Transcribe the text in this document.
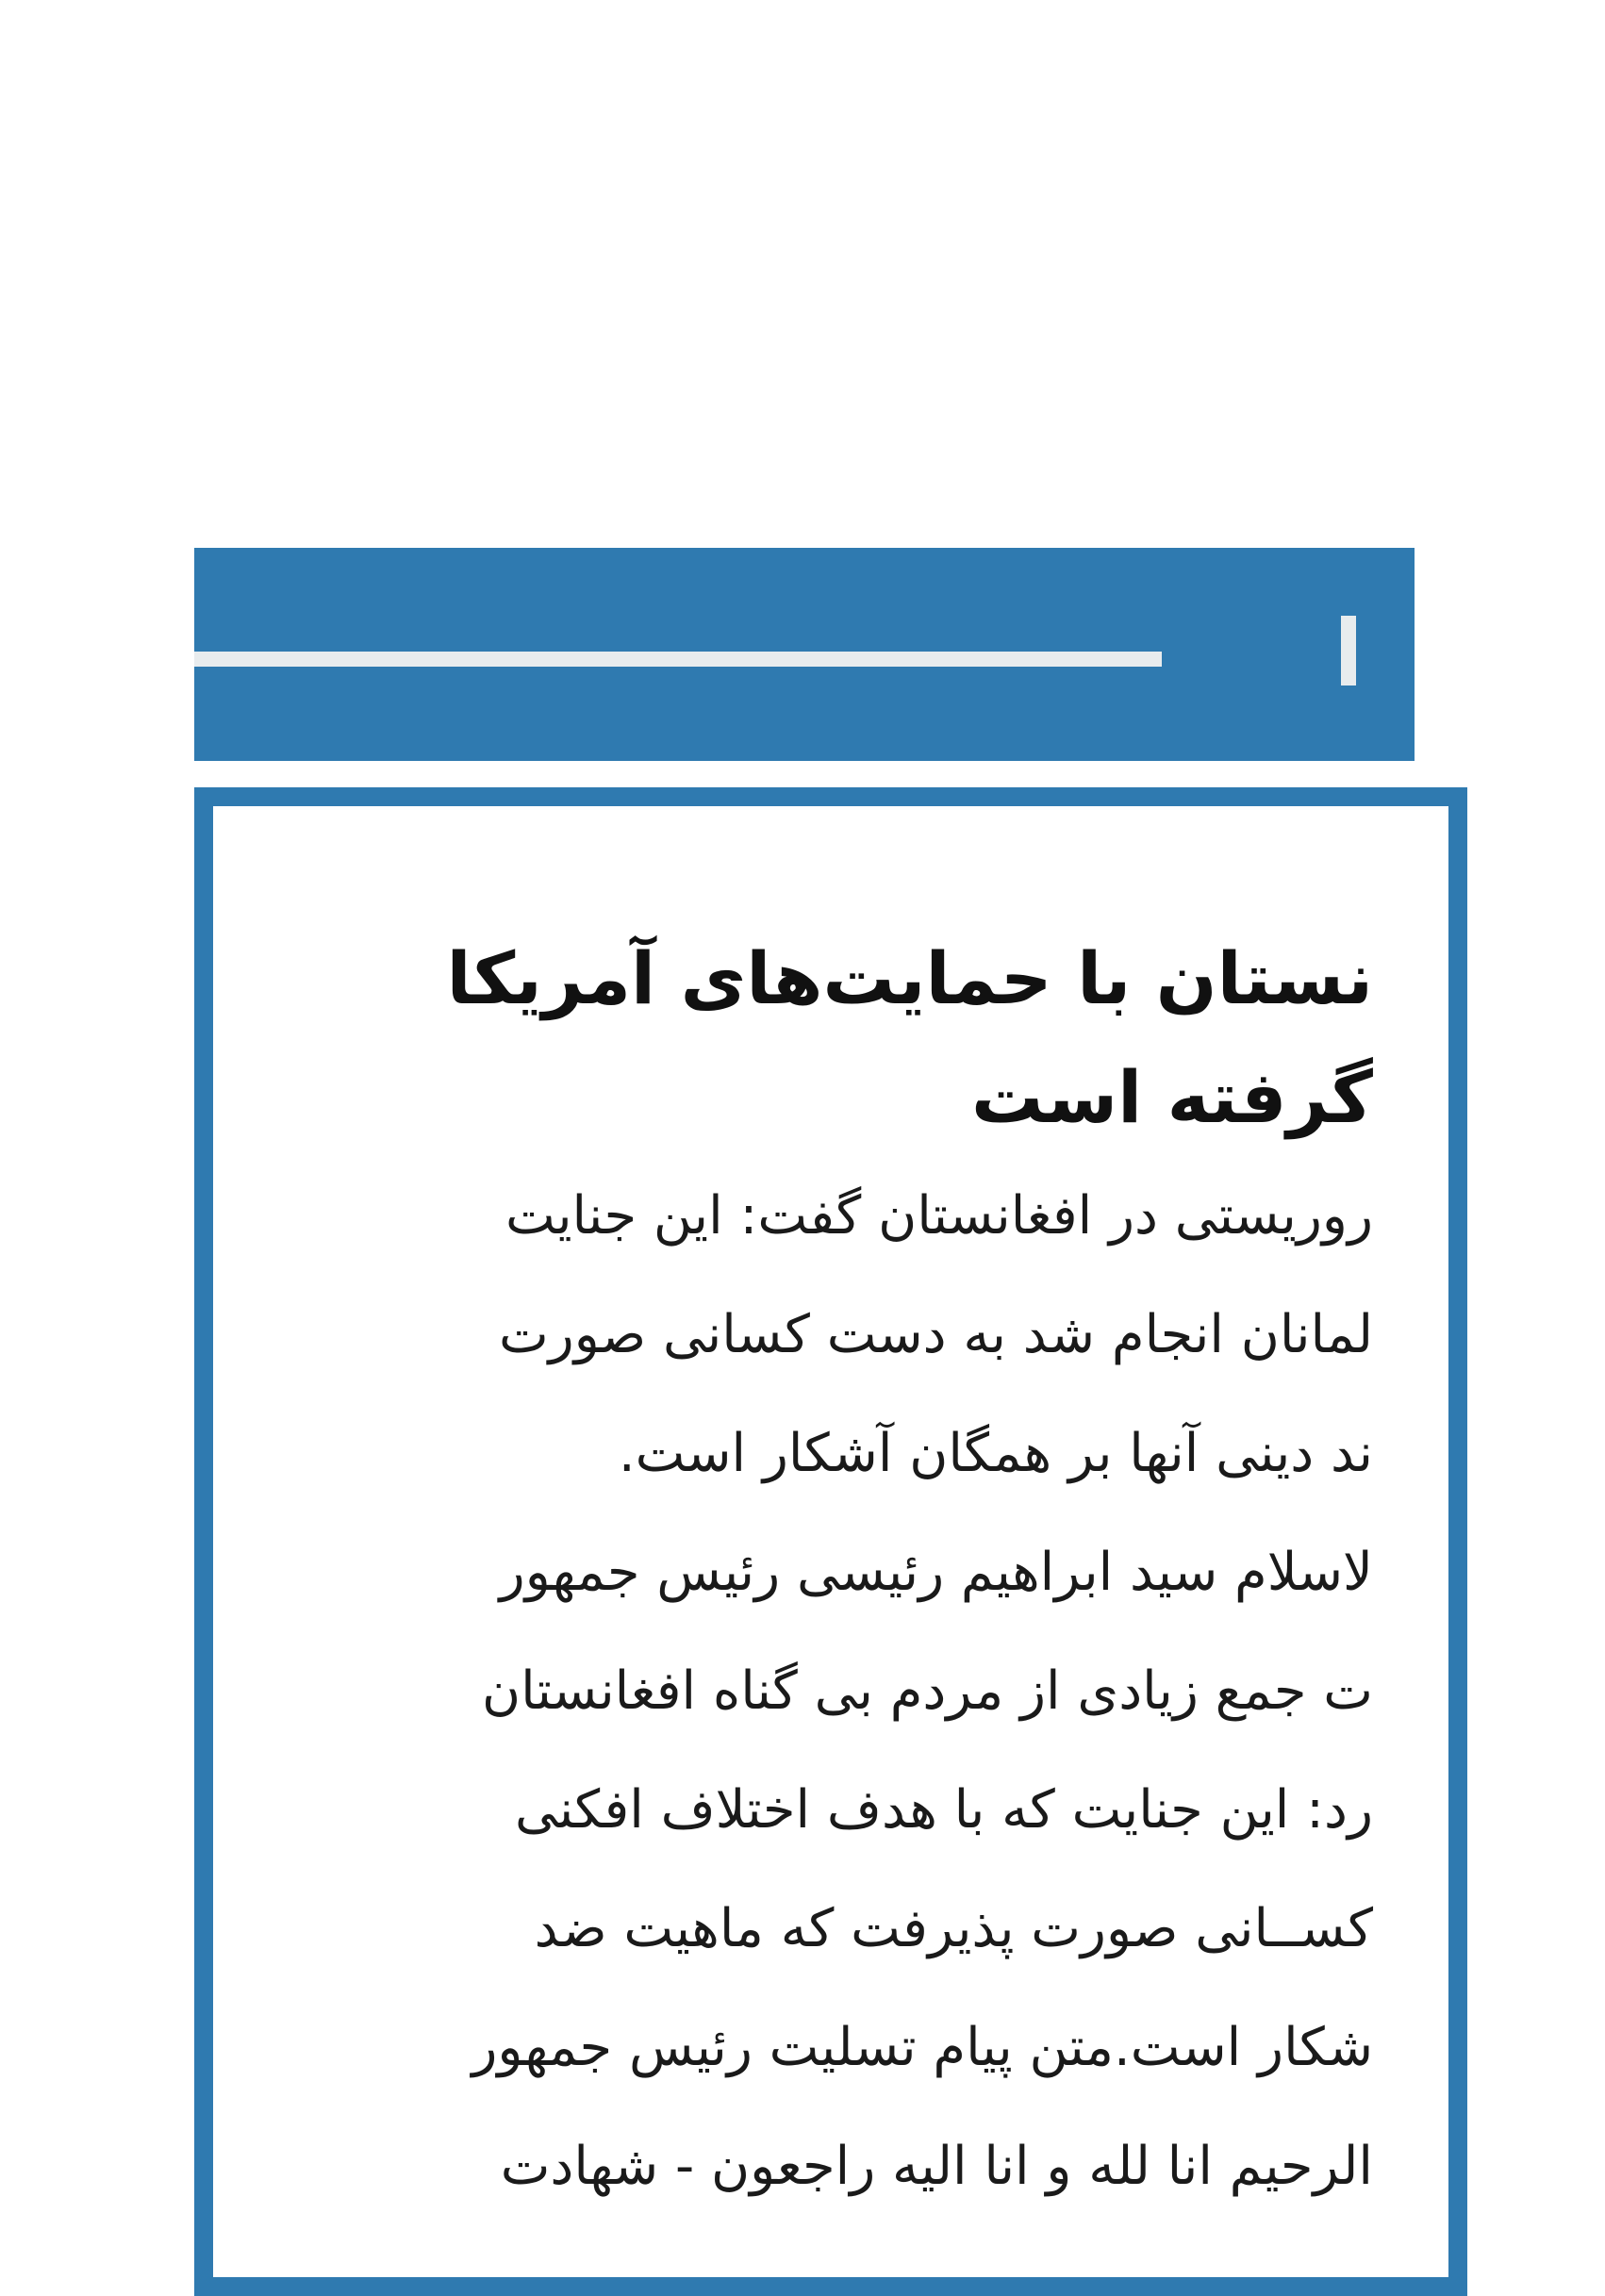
ر
نستان با حمایت‌های آمریکا
گرفته است
روریستی در افغانستان گفت: این جنایت
لمانان انجام شد به دست کسانی صورت
ند دینی آنها بر همگان آشکار است.
لاسلام سید ابراهیم رئیسی رئیس جمهور
ت جمع زیادی از مردم بی گناه افغانستان
رد: این جنایت که با هدف اختلاف افکنی
کســانی صورت پذیرفت که ماهیت ضد
شکار است.متن پیام تسلیت رئیس جمهور
الرحیم انا لله و انا الیه راجعون - شهادت
